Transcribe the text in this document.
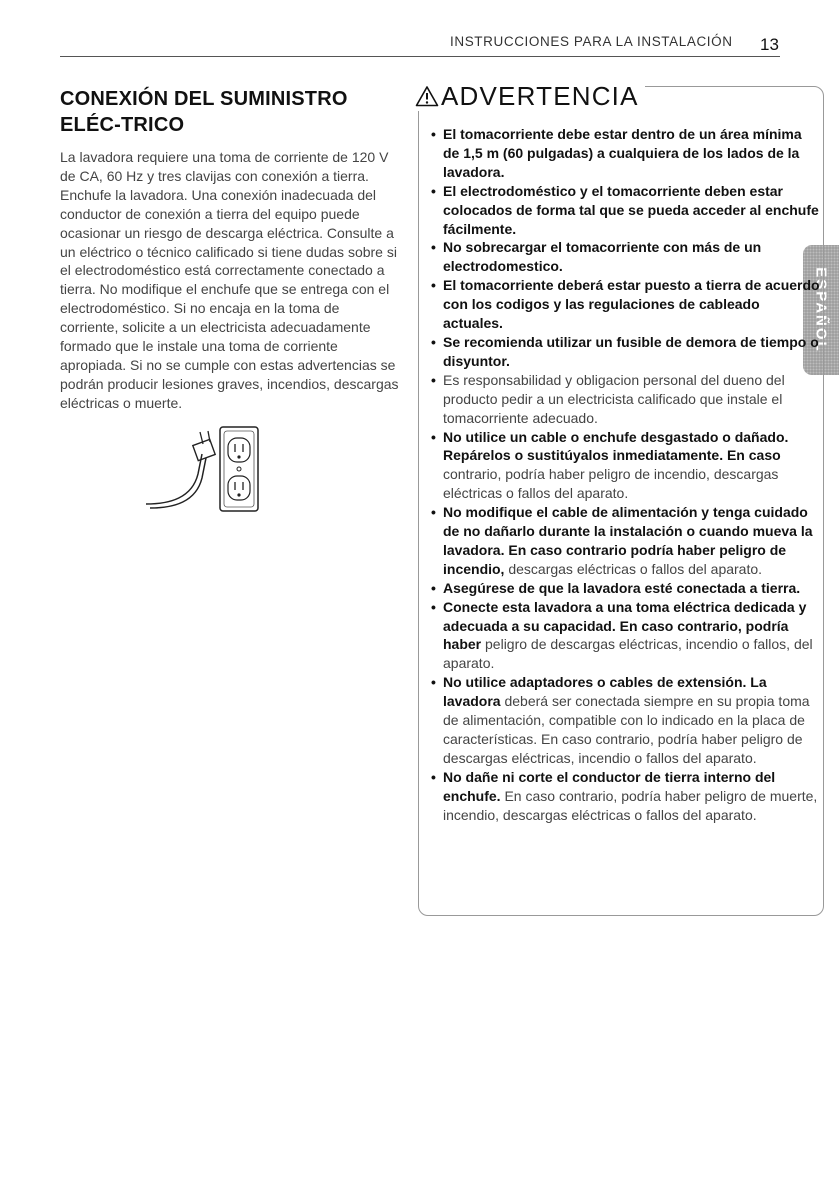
INSTRUCCIONES PARA LA INSTALACIÓN	13
ESPAÑOL
CONEXIÓN DEL SUMINISTRO ELÉC-TRICO

La lavadora requiere una toma de corriente de 120 V de CA, 60 Hz y tres clavijas con conexión a tierra. Enchufe la lavadora. Una conexión inadecuada del conductor de conexión a tierra del equipo puede ocasionar un riesgo de descarga eléctrica. Consulte a un eléctrico o técnico calificado si tiene dudas sobre si el electrodoméstico está correctamente conectado a tierra. No modifique el enchufe que se entrega con el electrodoméstico. Si no encaja en la toma de corriente, solicite a un electricista adecuadamente formado que le instale una toma de corriente apropiada. Si no se cumple con estas advertencias se podrán producir lesiones graves, incendios, descargas eléctricas o muerte.

ADVERTENCIA
• El tomacorriente debe estar dentro de un área mínima de 1,5 m (60 pulgadas) a cualquiera de los lados de la lavadora.
• El electrodoméstico y el tomacorriente deben estar colocados de forma tal que se pueda acceder al enchufe fácilmente.
• No sobrecargar el tomacorriente con más de un electrodomestico.
• El tomacorriente deberá estar puesto a tierra de acuerdo con los codigos y las regulaciones de cableado actuales.
• Se recomienda utilizar un fusible de demora de tiempo o disyuntor.
• Es responsabilidad y obligacion personal del dueno del producto pedir a un electricista calificado que instale el tomacorriente adecuado.
• No utilice un cable o enchufe desgastado o dañado. Repárelos o sustitúyalos inmediatamente. En caso contrario, podría haber peligro de incendio, descargas eléctricas o fallos del aparato.
• No modifique el cable de alimentación y tenga cuidado de no dañarlo durante la instalación o cuando mueva la lavadora. En caso contrario podría haber peligro de incendio, descargas eléctricas o fallos del aparato.
• Asegúrese de que la lavadora esté conectada a tierra.
• Conecte esta lavadora a una toma eléctrica dedicada y adecuada a su capacidad. En caso contrario, podría haber peligro de descargas eléctricas, incendio o fallos, del aparato.
• No utilice adaptadores o cables de extensión. La lavadora deberá ser conectada siempre en su propia toma de alimentación, compatible con lo indicado en la placa de características. En caso contrario, podría haber peligro de descargas eléctricas, incendio o fallos del aparato.
• No dañe ni corte el conductor de tierra interno del enchufe. En caso contrario, podría haber peligro de muerte, incendio, descargas eléctricas o fallos del aparato.
